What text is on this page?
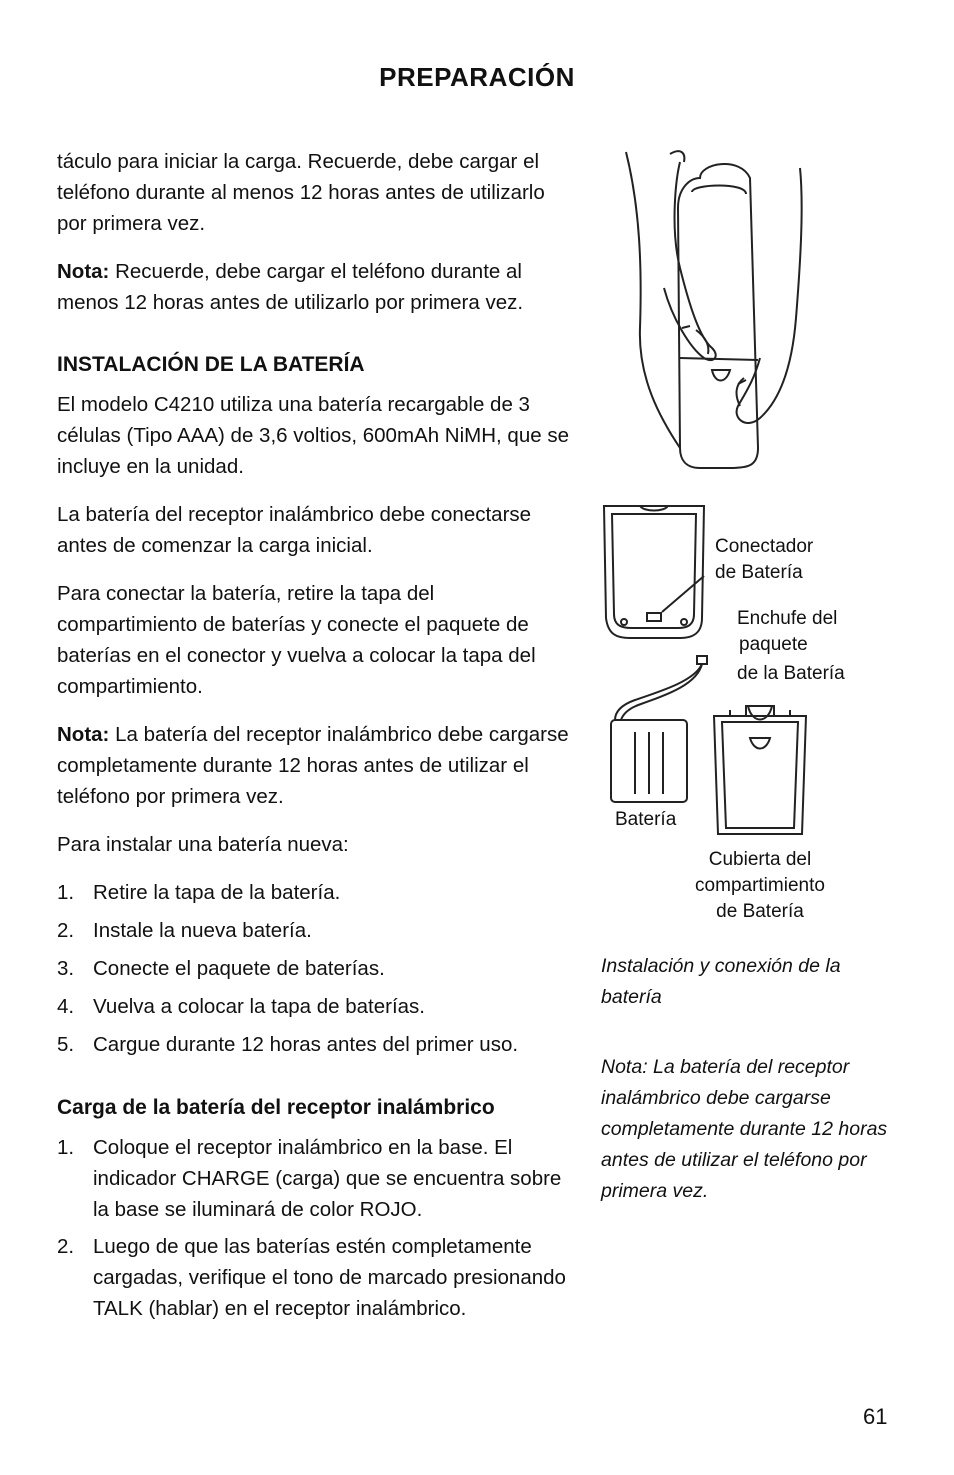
PREPARACIÓN

táculo para iniciar la carga. Recuerde, debe cargar el teléfono durante al menos 12 horas antes de utilizarlo por primera vez.

Nota: Recuerde, debe cargar el teléfono durante al menos 12 horas antes de utilizarlo por primera vez.

INSTALACIÓN DE LA BATERÍA

El modelo C4210 utiliza una batería recargable de 3 células (Tipo AAA) de 3,6 voltios, 600mAh NiMH, que se incluye en la unidad.

La batería del receptor inalámbrico debe conectarse antes de comenzar la carga inicial.

Para conectar la batería, retire la tapa del compartimiento de baterías y conecte el paquete de baterías en el conector y vuelva a colocar la tapa del compartimiento.

Nota: La batería del receptor inalámbrico debe cargarse completamente durante 12 horas antes de utilizar el teléfono por primera vez.

Para instalar una batería nueva:

1. Retire la tapa de la batería.
2. Instale la nueva batería.
3. Conecte el paquete de baterías.
4. Vuelva a colocar la tapa de baterías.
5. Cargue durante 12 horas antes del primer uso.
Carga de la batería del receptor inalámbrico
1. Coloque el receptor inalámbrico en la base. El indicador CHARGE (carga) que se encuentra sobre la base se iluminará de color ROJO.
2. Luego de que las baterías estén completamente cargadas, verifique el tono de marcado presionando TALK (hablar) en el receptor inalámbrico.
Conectador
de Batería
Enchufe del
paquete
de la Batería
Batería
Cubierta del
compartimiento
de Batería
Instalación y conexión de la batería
Nota: La batería del receptor inalámbrico debe cargarse completamente durante 12 horas antes de utilizar el teléfono por primera vez.
61
